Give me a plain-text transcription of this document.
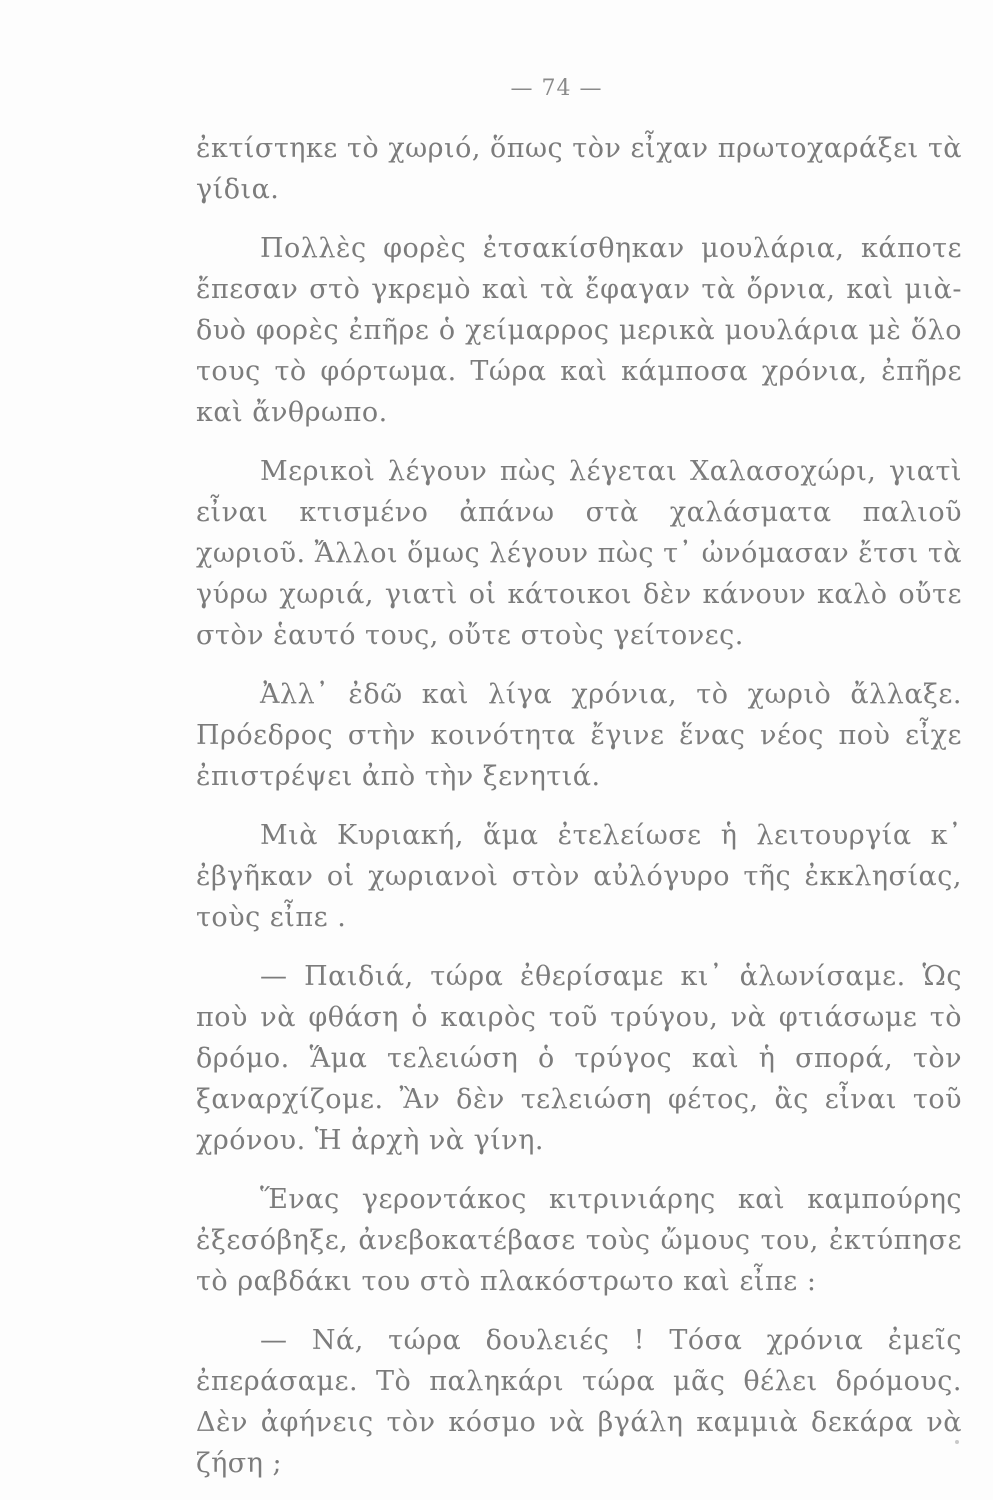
— 74 —

ἐκτίστηκε τὸ χωριό, ὅπως τὸν εἶχαν πρωτοχαράξει τὰ γίδια.

Πολλὲς φορὲς ἐτσακίσθηκαν μουλάρια, κάποτε ἔπεσαν στὸ γκρεμὸ καὶ τὰ ἔφαγαν τὰ ὄρνια, καὶ μιὰ-δυὸ φορὲς ἐπῆρε ὁ χείμαρρος μερικὰ μουλάρια μὲ ὅλο τους τὸ φόρτωμα. Τώρα καὶ κάμποσα χρόνια, ἐπῆρε καὶ ἄνθρωπο.

Μερικοὶ λέγουν πὼς λέγεται Χαλασοχώρι, γιατὶ εἶναι κτισμένο ἀπάνω στὰ χαλάσματα παλιοῦ χωριοῦ. Ἄλλοι ὅμως λέγουν πὼς τ᾽ ὠνόμασαν ἔτσι τὰ γύρω χωριά, γιατὶ οἱ κάτοικοι δὲν κάνουν καλὸ οὔτε στὸν ἑαυτό τους, οὔτε στοὺς γείτονες.

Ἀλλ᾽ ἐδῶ καὶ λίγα χρόνια, τὸ χωριὸ ἄλλαξε. Πρόεδρος στὴν κοινότητα ἔγινε ἕνας νέος ποὺ εἶχε ἐπιστρέψει ἀπὸ τὴν ξενητιά.

Μιὰ Κυριακή, ἅμα ἐτελείωσε ἡ λειτουργία κ᾽ ἐβγῆκαν οἱ χωριανοὶ στὸν αὐλόγυρο τῆς ἐκκλησίας, τοὺς εἶπε .

— Παιδιά, τώρα ἐθερίσαμε κι᾽ ἁλωνίσαμε. Ὡς ποὺ νὰ φθάση ὁ καιρὸς τοῦ τρύγου, νὰ φτιάσωμε τὸ δρόμο. Ἅμα τελειώση ὁ τρύγος καὶ ἡ σπορά, τὸν ξαναρχίζομε. Ἂν δὲν τελειώση φέτος, ἂς εἶναι τοῦ χρόνου. Ἡ ἀρχὴ νὰ γίνη.

Ἕνας γεροντάκος κιτρινιάρης καὶ καμπούρης ἐξεσόβηξε, ἀνεβοκατέβασε τοὺς ὤμους του, ἐκτύπησε τὸ ραβδάκι του στὸ πλακόστρωτο καὶ εἶπε :

— Νά, τώρα δουλειές ! Τόσα χρόνια ἐμεῖς ἐπεράσαμε. Τὸ παληκάρι τώρα μᾶς θέλει δρόμους. Δὲν ἀφήνεις τὸν κόσμο νὰ βγάλη καμμιὰ δεκάρα νὰ ζήση ;
